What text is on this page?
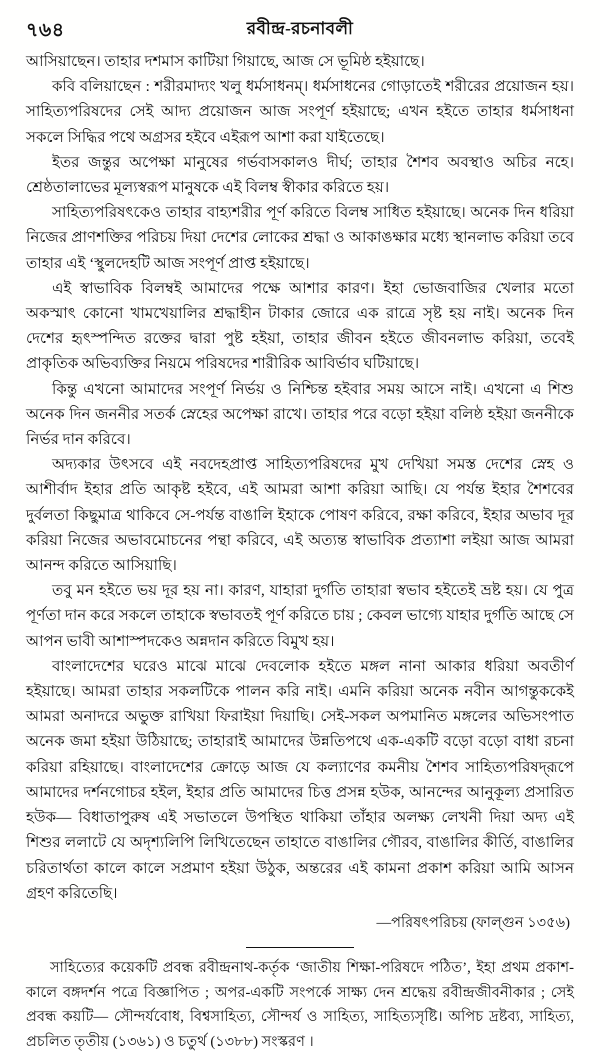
৭৬৪	রবীন্দ্র-রচনাবলী

আসিয়াছেন। তাহার দশমাস কাটিয়া গিয়াছে, আজ সে ভূমিষ্ঠ হইয়াছে।

কবি বলিয়াছেন : শরীরমাদ্যং খলু ধর্মসাধনম্‌। ধর্মসাধনের গোড়াতেই শরীরের প্রয়োজন হয়। সাহিত্যপরিষদের সেই আদ্য প্রয়োজন আজ সংপূর্ণ হইয়াছে; এখন হইতে তাহার ধর্মসাধনা সকলে সিদ্ধির পথে অগ্রসর হইবে এইরূপ আশা করা যাইতেছে।

ইতর জন্তুর অপেক্ষা মানুষের গর্ভবাসকালও দীর্ঘ; তাহার শৈশব অবস্থাও অচির নহে। শ্রেষ্ঠতালাভের মূল্যস্বরূপ মানুষকে এই বিলম্ব স্বীকার করিতে হয়।

সাহিত্যপরিষৎকেও তাহার বাহ্যশরীর পূর্ণ করিতে বিলম্ব সাধিত হইয়াছে। অনেক দিন ধরিয়া নিজের প্রাণশক্তির পরিচয় দিয়া দেশের লোকের শ্রদ্ধা ও আকাঙক্ষার মধ্যে স্থানলাভ করিয়া তবে তাহার এই ‘স্থুলদেহটি আজ সংপূর্ণ প্রাপ্ত হইয়াছে।

এই স্বাভাবিক বিলম্বই আমাদের পক্ষে আশার কারণ। ইহা ভোজবাজির খেলার মতো অকস্মাৎ কোনো খামখেয়ালির শ্রদ্ধাহীন টাকার জোরে এক রাত্রে সৃষ্ট হয় নাই। অনেক দিন দেশের হৃৎস্পন্দিত রক্তের দ্বারা পুষ্ট হইয়া, তাহার জীবন হইতে জীবনলাভ করিয়া, তবেই প্রাকৃতিক অভিব্যক্তির নিয়মে পরিষদের শারীরিক আবির্ভাব ঘটিয়াছে।

কিন্তু এখনো আমাদের সংপূর্ণ নির্ভয় ও নিশ্চিন্ত হইবার সময় আসে নাই। এখনো এ শিশু অনেক দিন জননীর সতর্ক স্নেহের অপেক্ষা রাখে। তাহার পরে বড়ো হইয়া বলিষ্ঠ হইয়া জননীকে নির্ভর দান করিবে।

অদ্যকার উৎসবে এই নবদেহপ্রাপ্ত সাহিত্যপরিষদের মুখ দেখিয়া সমস্ত দেশের স্নেহ ও আশীর্বাদ ইহার প্রতি আকৃষ্ট হইবে, এই আমরা আশা করিয়া আছি। যে পর্যন্ত ইহার শৈশবের দুর্বলতা কিছুমাত্র থাকিবে সে-পর্যন্ত বাঙালি ইহাকে পোষণ করিবে, রক্ষা করিবে, ইহার অভাব দূর করিয়া নিজের অভাবমোচনের পন্থা করিবে, এই অত্যন্ত স্বাভাবিক প্রত্যাশা লইয়া আজ আমরা আনন্দ করিতে আসিয়াছি।

তবু মন হইতে ভয় দূর হয় না। কারণ, যাহারা দুর্গতি তাহারা স্বভাব হইতেই ভ্রষ্ট হয়। যে পুত্র পূর্ণতা দান করে সকলে তাহাকে স্বভাবতই পূর্ণ করিতে চায় ; কেবল ভাগ্যে যাহার দুর্গতি আছে সে আপন ভাবী আশাস্পদকেও অন্নদান করিতে বিমুখ হয়।

বাংলাদেশের ঘরেও মাঝে মাঝে দেবলোক হইতে মঙ্গল নানা আকার ধরিয়া অবতীর্ণ হইয়াছে। আমরা তাহার সকলটিকে পালন করি নাই। এমনি করিয়া অনেক নবীন আগন্তুককেই আমরা অনাদরে অভুক্ত রাখিয়া ফিরাইয়া দিয়াছি। সেই-সকল অপমানিত মঙ্গলের অভিসংপাত অনেক জমা হইয়া উঠিয়াছে; তাহারাই আমাদের উন্নতিপথে এক-একটি বড়ো বড়ো বাধা রচনা করিয়া রহিয়াছে। বাংলাদেশের ক্রোড়ে আজ যে কল্যাণের কমনীয় শৈশব সাহিত্যপরিষদ্‌রূপে আমাদের দর্শনগোচর হইল, ইহার প্রতি আমাদের চিত্ত প্রসন্ন হউক, আনন্দের আনুকূল্য প্রসারিত হউক— বিধাতাপুরুষ এই সভাতলে উপস্থিত থাকিয়া তাঁহার অলক্ষ্য লেখনী দিয়া অদ্য এই শিশুর ললাটে যে অদৃশ্যলিপি লিখিতেছেন তাহাতে বাঙালির গৌরব, বাঙালির কীর্তি, বাঙালির চরিতার্থতা কালে কালে সপ্রমাণ হইয়া উঠুক, অন্তরের এই কামনা প্রকাশ করিয়া আমি আসন গ্রহণ করিতেছি।

—পরিষৎপরিচয় (ফাল্গুন ১৩৫৬)

সাহিত্যের কয়েকটি প্রবন্ধ রবীন্দ্রনাথ-কর্তৃক ‘জাতীয় শিক্ষা-পরিষদে পঠিত’, ইহা প্রথম প্রকাশ-কালে বঙ্গদর্শন পত্রে বিজ্ঞাপিত ; অপর-একটি সংপর্কে সাক্ষ্য দেন শ্রদ্ধেয় রবীন্দ্রজীবনীকার ; সেই প্রবন্ধ কয়টি— সৌন্দর্যবোধ, বিশ্বসাহিত্য, সৌন্দর্য ও সাহিত্য, সাহিত্যসৃষ্টি। অপিচ দ্রষ্টব্য, সাহিত্য, প্রচলিত তৃতীয় (১৩৬১) ও চতুর্থ (১৩৮৮) সংস্করণ ।
